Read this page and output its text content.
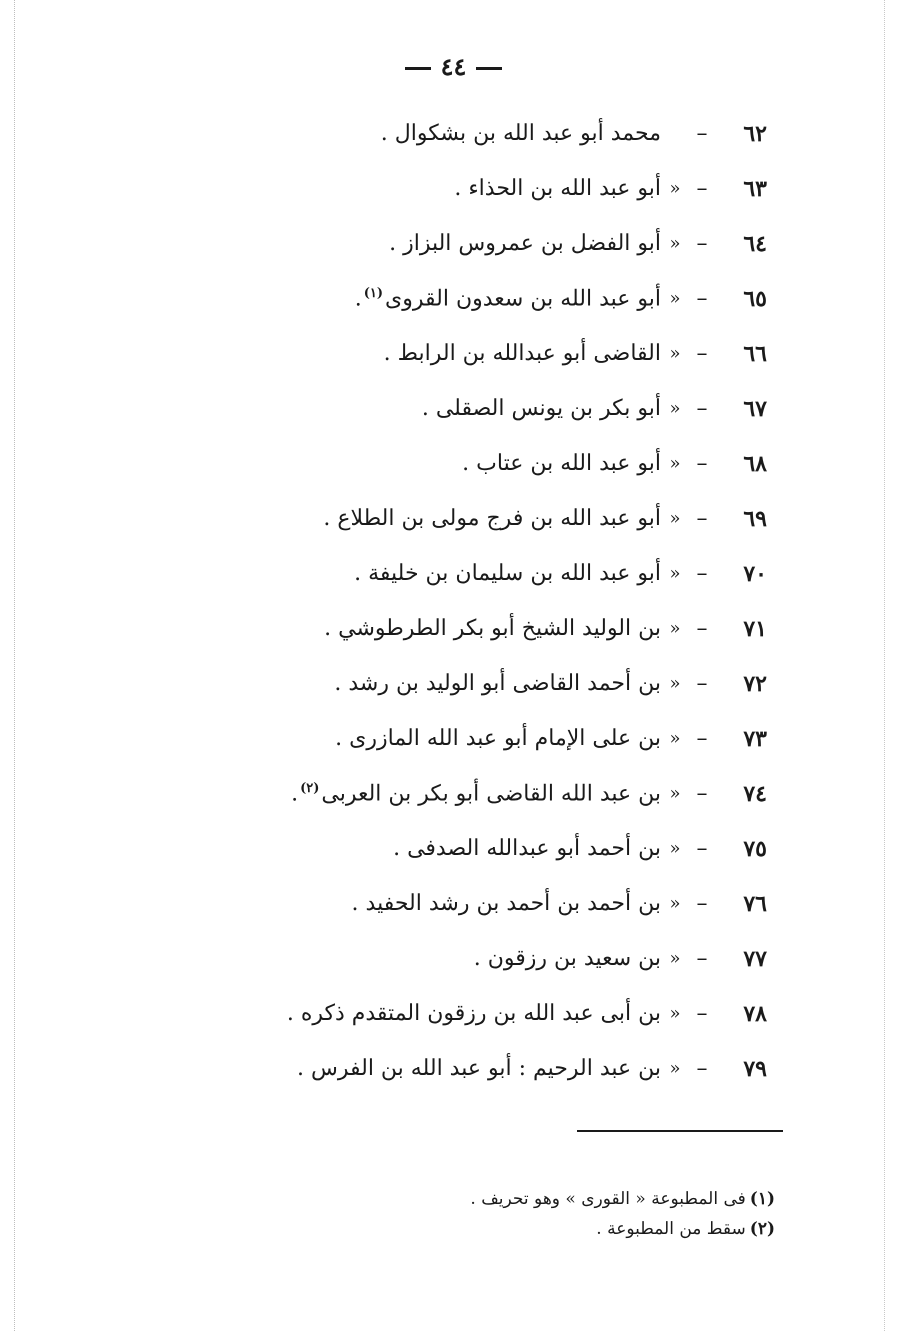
٤٤
٦٢
–
محمد أبو عبد الله بن بشكوال .
٦٣
–
»
أبو عبد الله بن الحذاء .
٦٤
–
»
أبو الفضل بن عمروس البزاز .
٦٥
–
»
أبو عبد الله بن سعدون القروى$^{(١)}$.
٦٦
–
»
القاضى أبو عبدالله بن الرابط .
٦٧
–
»
أبو بكر بن يونس الصقلى .
٦٨
–
»
أبو عبد الله بن عتاب .
٦٩
–
»
أبو عبد الله بن فرج مولى بن الطلاع .
٧٠
–
»
أبو عبد الله بن سليمان بن خليفة .
٧١
–
»
بن الوليد الشيخ أبو بكر الطرطوشي .
٧٢
–
»
بن أحمد القاضى أبو الوليد بن رشد .
٧٣
–
»
بن على الإمام أبو عبد الله المازرى .
٧٤
–
»
بن عبد الله القاضى أبو بكر بن العربى$^{(٢)}$.
٧٥
–
»
بن أحمد أبو عبدالله الصدفى .
٧٦
–
»
بن أحمد بن أحمد بن رشد الحفيد .
٧٧
–
»
بن سعيد بن رزقون .
٧٨
–
»
بن أبى عبد الله بن رزقون المتقدم ذكره .
٧٩
–
»
بن عبد الرحيم : أبو عبد الله بن الفرس .
(١)فى المطبوعة « القورى » وهو تحريف .
(٢)سقط من المطبوعة .
